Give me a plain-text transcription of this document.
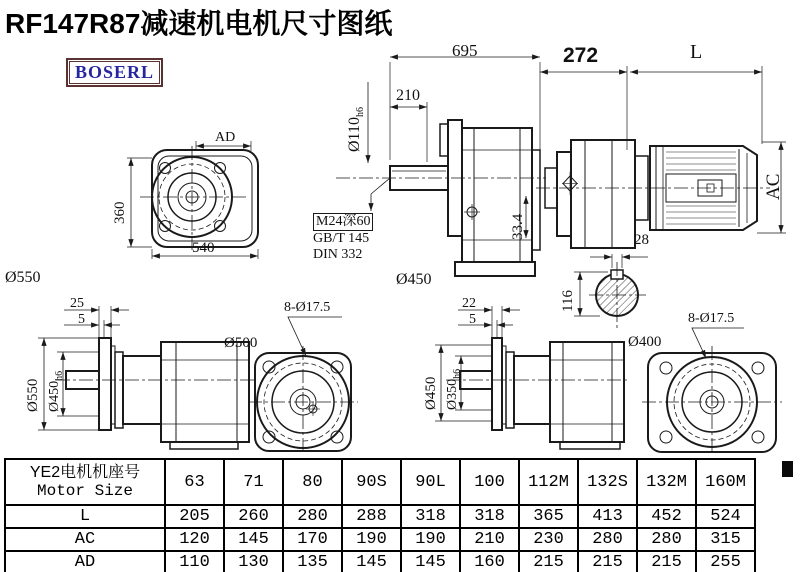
RF147R87减速机电机尺寸图纸
BOSERL
695
210
$Ø110_{h6}$
M24深60
GB/T 145
DIN 332
33.4
Ø450
AD
360
540
Ø550
272	L
AC
28
116
25
5
Ø550 $Ø450_{h6}$
8-Ø17.5
Ø500
22
5
Ø450 $Ø350_{h6}$
8-Ø17.5
Ø400
YE2电机机座号
Motor Size	63	71	80	90S	90L	100	112M	132S	132M	160M
L	205	260	280	288	318	318	365	413	452	524
AC	120	145	170	190	190	210	230	280	280	315
AD	110	130	135	145	145	160	215	215	215	255
